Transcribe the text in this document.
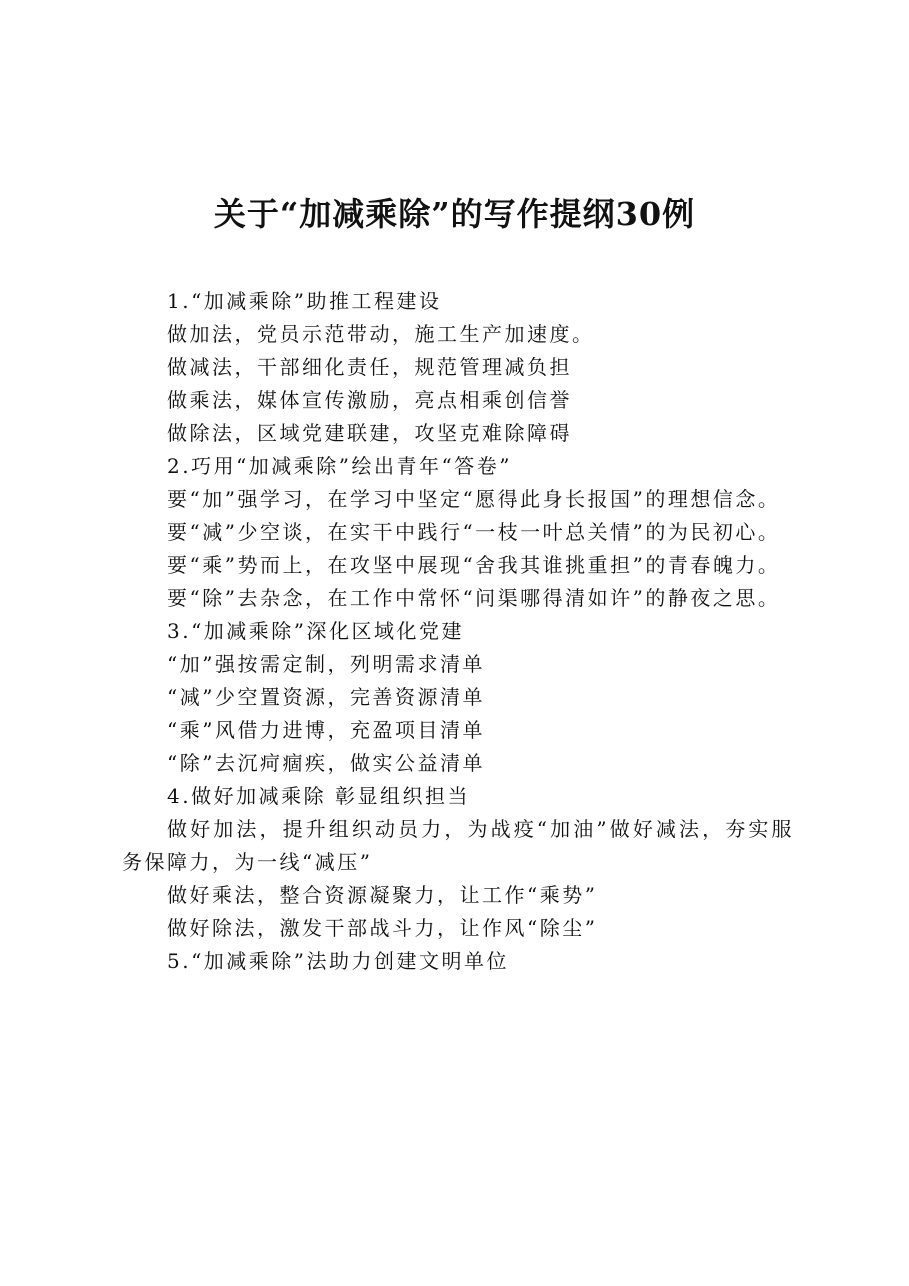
关于“加减乘除”的写作提纲30例

1.“加减乘除”助推工程建设

做加法，党员示范带动，施工生产加速度。

做减法，干部细化责任，规范管理减负担

做乘法，媒体宣传激励，亮点相乘创信誉

做除法，区域党建联建，攻坚克难除障碍

2.巧用“加减乘除”绘出青年“答卷”

要“加”强学习，在学习中坚定“愿得此身长报国”的理想信念。

要“减”少空谈，在实干中践行“一枝一叶总关情”的为民初心。

要“乘”势而上，在攻坚中展现“舍我其谁挑重担”的青春魄力。

要“除”去杂念，在工作中常怀“问渠哪得清如许”的静夜之思。

3.“加减乘除”深化区域化党建

“加”强按需定制，列明需求清单

“减”少空置资源，完善资源清单

“乘”风借力进博，充盈项目清单

“除”去沉疴痼疾，做实公益清单

4.做好加减乘除 彰显组织担当

做好加法，提升组织动员力，为战疫“加油”做好减法，夯实服务保障力，为一线“减压”

做好乘法，整合资源凝聚力，让工作“乘势”

做好除法，激发干部战斗力，让作风“除尘”

5.“加减乘除”法助力创建文明单位
